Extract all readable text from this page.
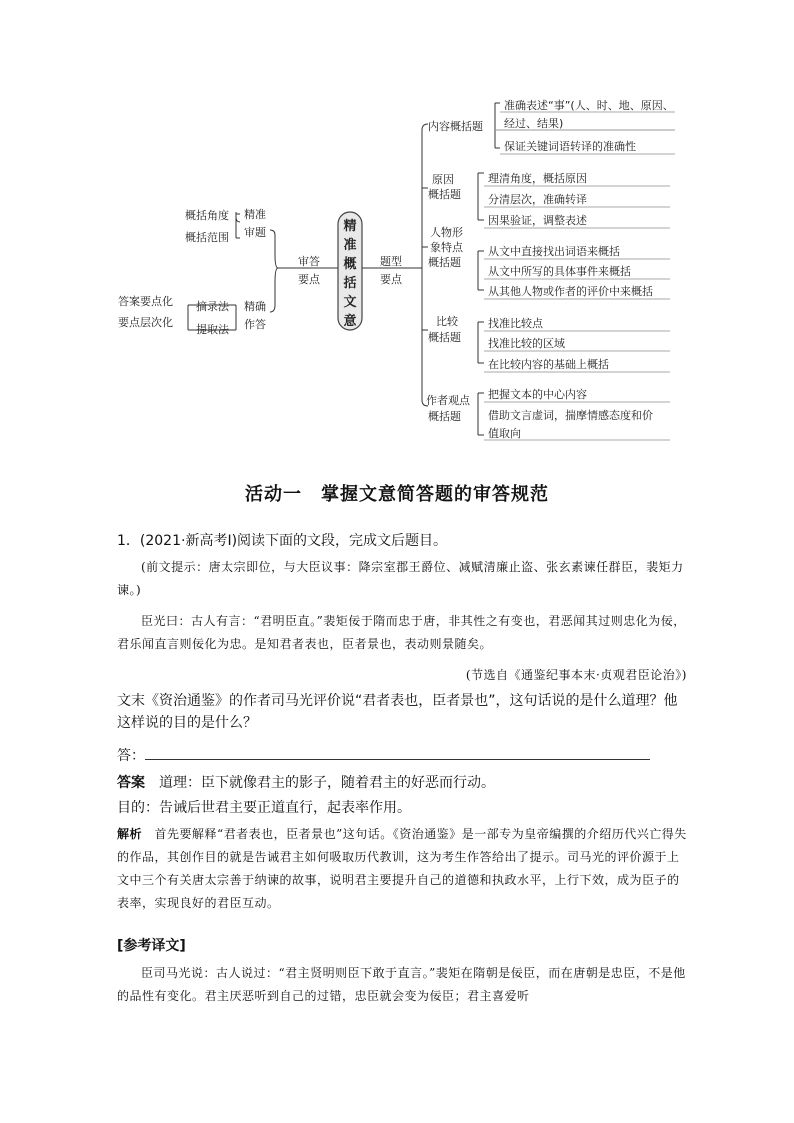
精
准
概
括
文
意
审答
要点
精准
审题
概括角度
概括范围
精确
作答
摘录法
提取法
答案要点化
要点层次化
题型
要点
内容概括题
准确表述“事”(人、时、地、原因、
经过、结果)
保证关键词语转译的准确性
原因
概括题
理清角度，概括原因
分清层次，准确转译
因果验证，调整表述
人物形
象特点
概括题
从文中直接找出词语来概括
从文中所写的具体事件来概括
从其他人物或作者的评价中来概括
比较
概括题
找准比较点
找准比较的区域
在比较内容的基础上概括
作者观点
概括题
把握文本的中心内容
借助文言虚词，揣摩情感态度和价
值取向
活动一　掌握文意简答题的审答规范
1．(2021·新高考Ⅰ)阅读下面的文段，完成文后题目。
(前文提示：唐太宗即位，与大臣议事：降宗室郡王爵位、减赋清廉止盗、张玄素谏任群臣，裴矩力谏。)
臣光曰：古人有言：“君明臣直。”裴矩佞于隋而忠于唐，非其性之有变也，君恶闻其过则忠化为佞，君乐闻直言则佞化为忠。是知君者表也，臣者景也，表动则景随矣。
(节选自《通鉴纪事本末·贞观君臣论治》)
文末《资治通鉴》的作者司马光评价说“君者表也，臣者景也”，这句话说的是什么道理？他这样说的目的是什么？
答：
答案　 道理：臣下就像君主的影子，随着君主的好恶而行动。
目的：告诫后世君主要正道直行，起表率作用。
解析　 首先要解释“君者表也，臣者景也”这句话。《资治通鉴》是一部专为皇帝编撰的介绍历代兴亡得失的作品，其创作目的就是告诫君主如何吸取历代教训，这为考生作答给出了提示。司马光的评价源于上文中三个有关唐太宗善于纳谏的故事，说明君主要提升自己的道德和执政水平，上行下效，成为臣子的表率，实现良好的君臣互动。
[参考译文]
臣司马光说：古人说过：“君主贤明则臣下敢于直言。”裴矩在隋朝是佞臣，而在唐朝是忠臣，不是他的品性有变化。君主厌恶听到自己的过错，忠臣就会变为佞臣；君主喜爱听
